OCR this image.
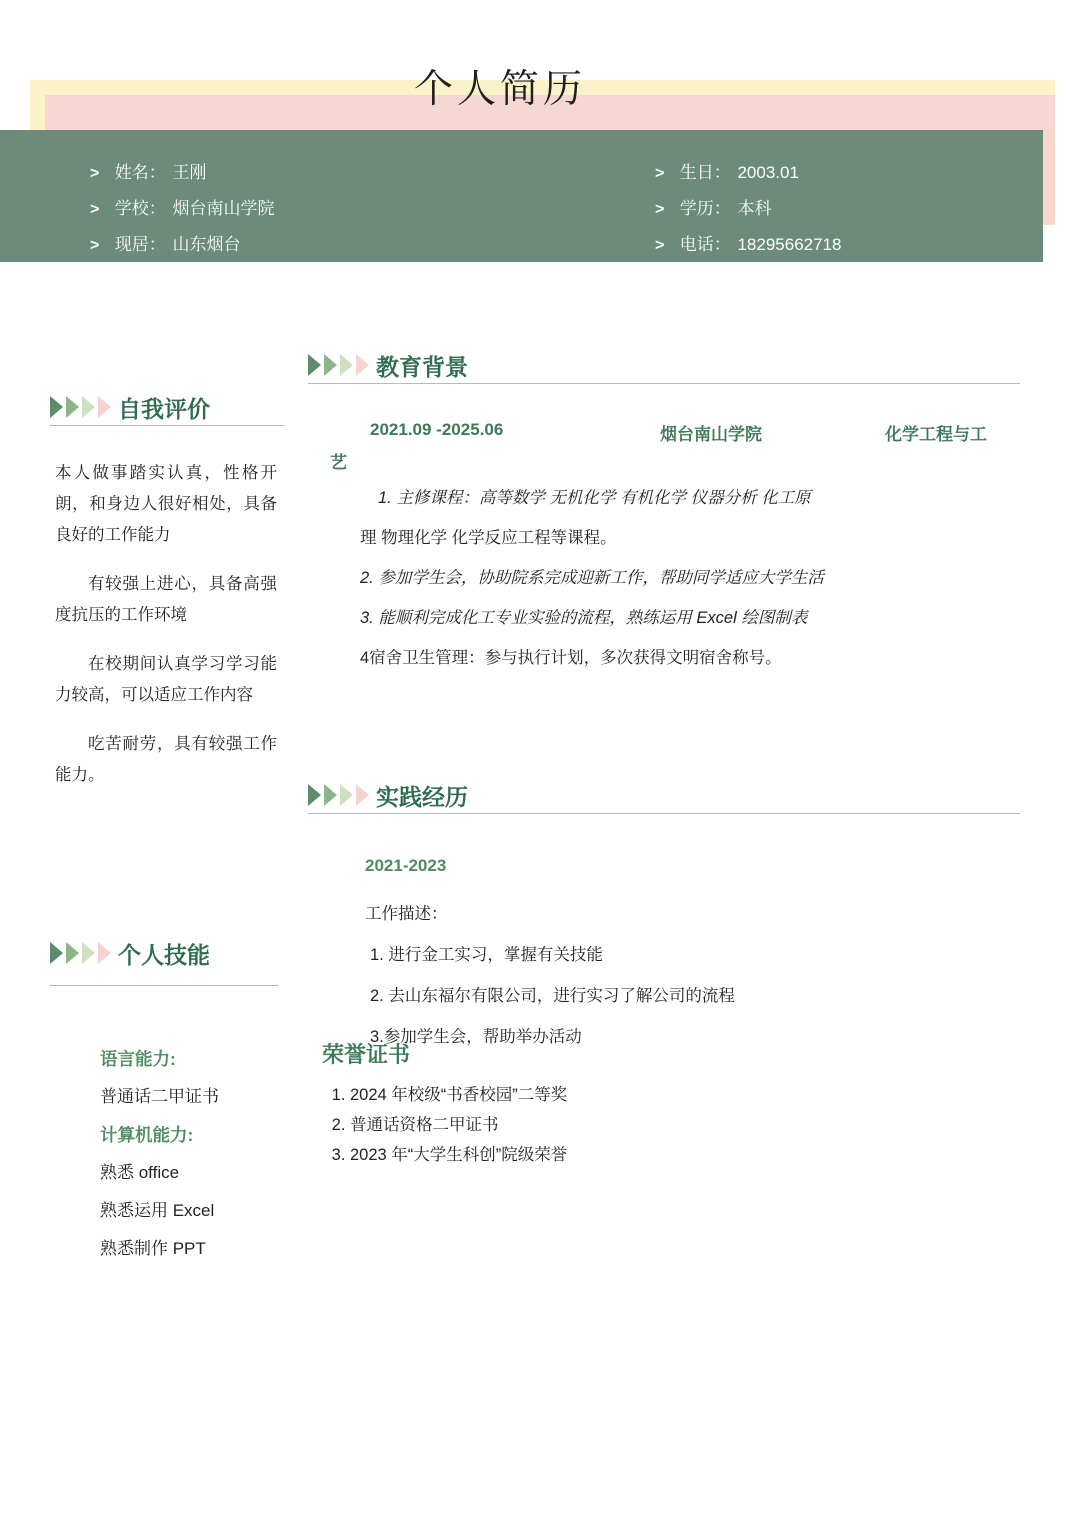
个人简历
> 姓名： 王刚
> 学校： 烟台南山学院
> 现居： 山东烟台
> 生日： 2003.01
> 学历： 本科
> 电话： 18295662718
教育背景
2021.09 -2025.06	烟台南山学院	化学工程与工
艺
1. 主修课程：高等数学 无机化学 有机化学 仪器分析 化工原
理 物理化学 化学反应工程等课程。
2. 参加学生会，协助院系完成迎新工作，帮助同学适应大学生活
3. 能顺利完成化工专业实验的流程，熟练运用 Excel 绘图制表
4宿舍卫生管理：参与执行计划，多次获得文明宿舍称号。
自我评价

本人做事踏实认真，性格开朗，和身边人很好相处，具备良好的工作能力

有较强上进心，具备高强度抗压的工作环境

在校期间认真学习学习能力较高，可以适应工作内容

吃苦耐劳，具有较强工作能力。

个人技能
语言能力:
普通话二甲证书
计算机能力:
熟悉 office
熟悉运用 Excel
熟悉制作 PPT
实践经历
2021-2023
工作描述：
1. 进行金工实习，掌握有关技能
2. 去山东福尔有限公司，进行实习了解公司的流程
3.参加学生会，帮助举办活动
荣誉证书
1. 2024 年校级“书香校园”二等奖
2. 普通话资格二甲证书
3. 2023 年“大学生科创”院级荣誉
